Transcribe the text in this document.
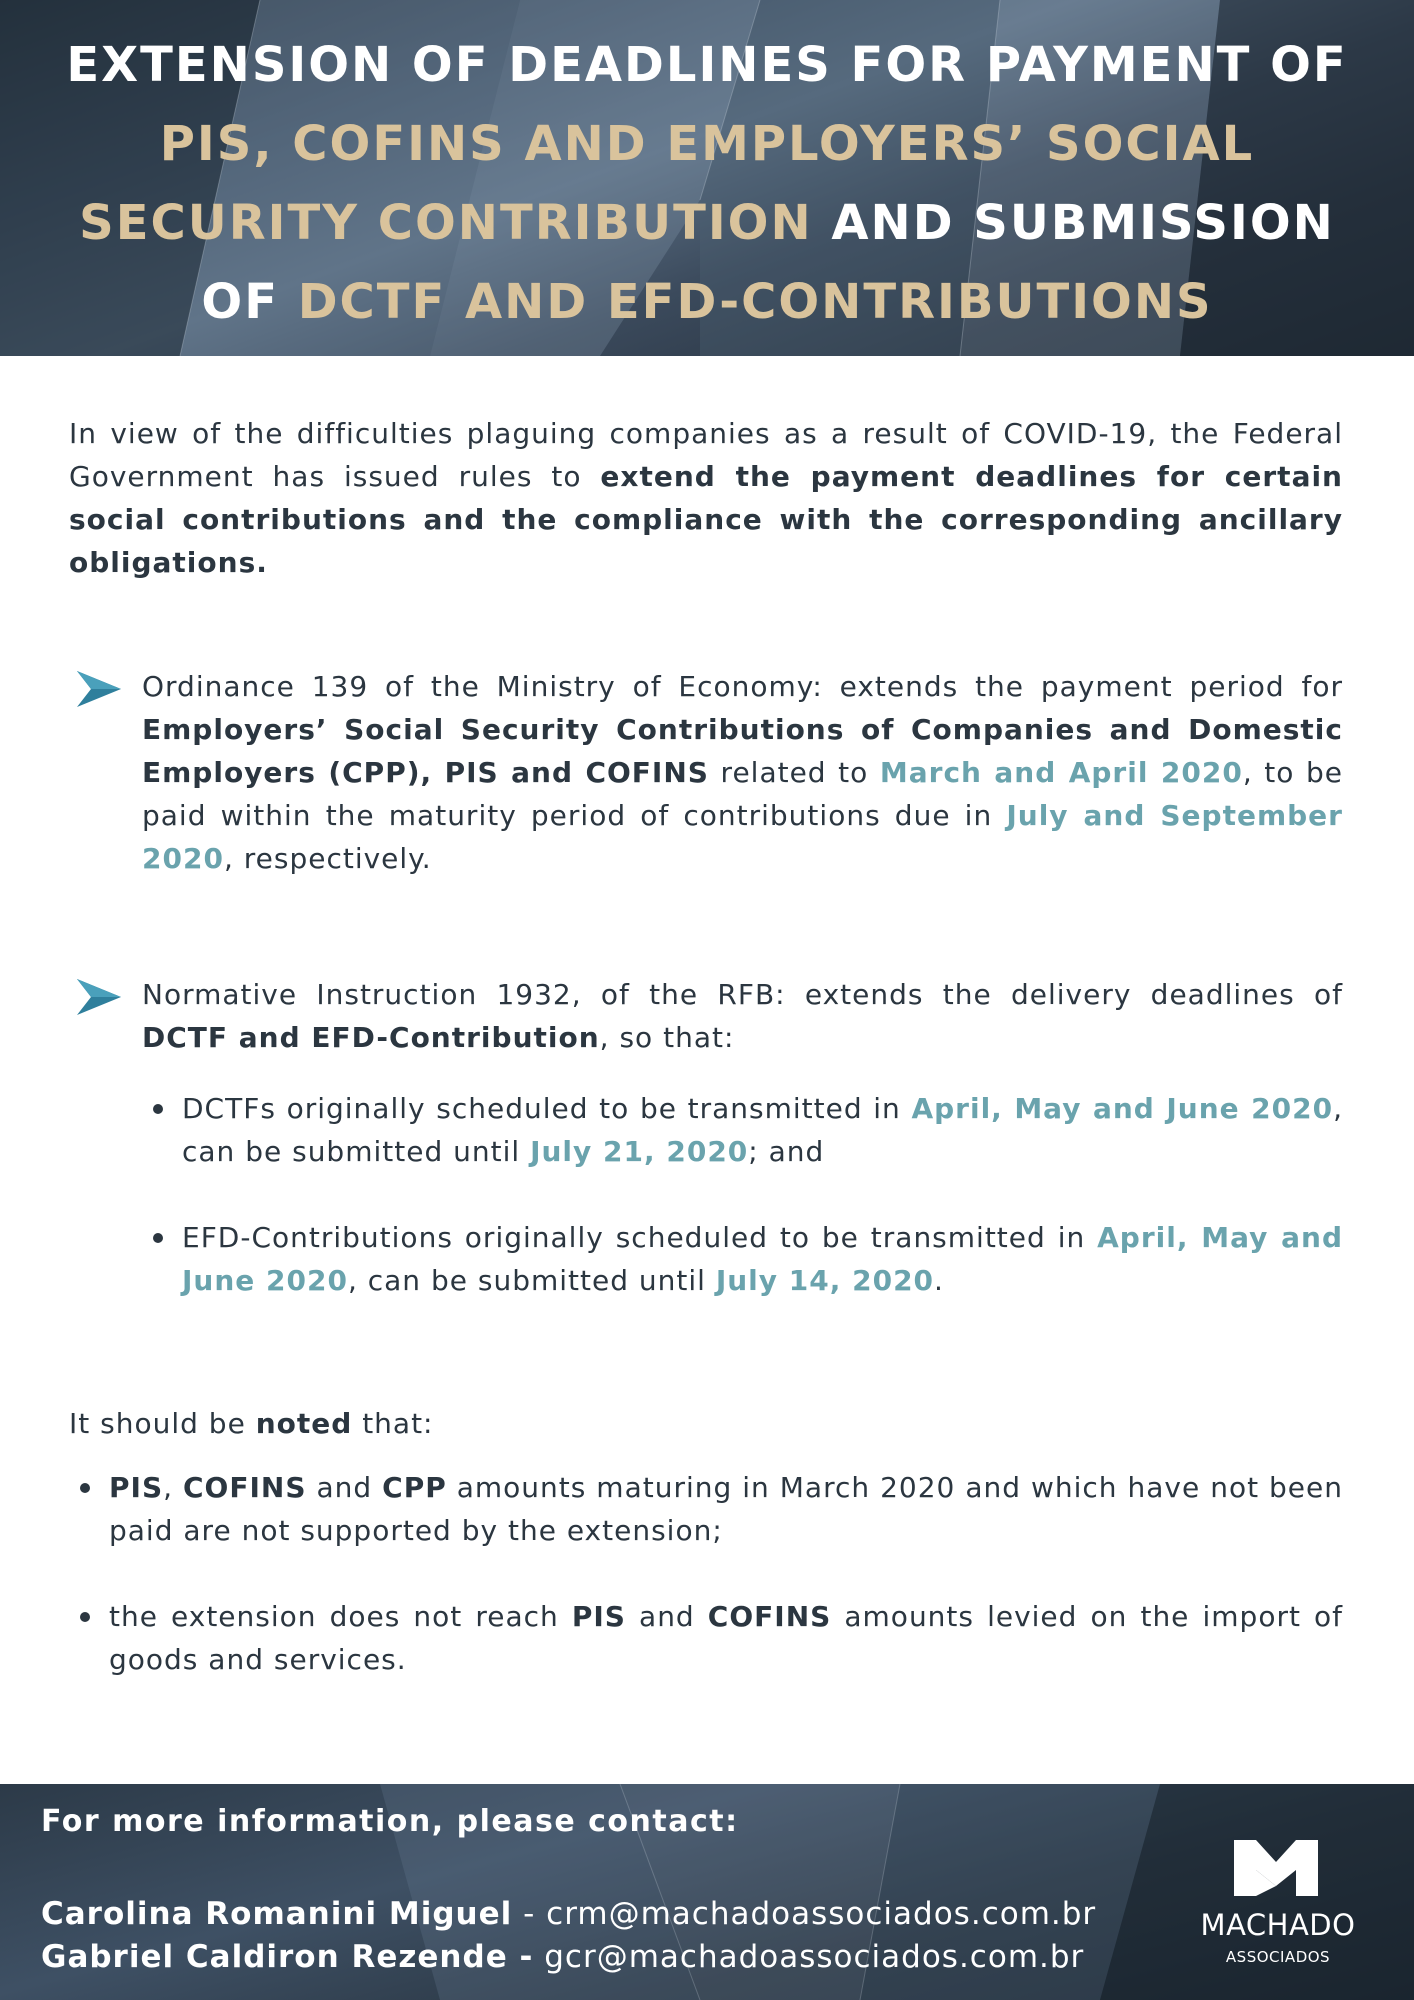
EXTENSION OF DEADLINES FOR PAYMENT OF
PIS, COFINS AND EMPLOYERS’ SOCIAL
SECURITY CONTRIBUTION AND SUBMISSION
OF DCTF AND EFD-CONTRIBUTIONS
In view of the difficulties plaguing companies as a result of COVID-19, the Federal Government has issued rules to extend the payment deadlines for certain social contributions and the compliance with the corresponding ancillary obligations.
Ordinance 139 of the Ministry of Economy: extends the payment period for Employers’ Social Security Contributions of Companies and Domestic Employers (CPP), PIS and COFINS related to March and April 2020, to be paid within the maturity period of contributions due in July and September 2020, respectively.
Normative Instruction 1932, of the RFB: extends the delivery deadlines of DCTF and EFD-Contribution, so that:
DCTFs originally scheduled to be transmitted in April, May and June 2020, can be submitted until July 21, 2020; and
EFD-Contributions originally scheduled to be transmitted in April, May and June 2020, can be submitted until July 14, 2020.
It should be noted that:
PIS, COFINS and CPP amounts maturing in March 2020 and which have not been paid are not supported by the extension;
the extension does not reach PIS and COFINS amounts levied on the import of goods and services.
For more information, please contact:
Carolina Romanini Miguel - crm@machadoassociados.com.br
Gabriel Caldiron Rezende - gcr@machadoassociados.com.br
MACHADO
ASSOCIADOS
